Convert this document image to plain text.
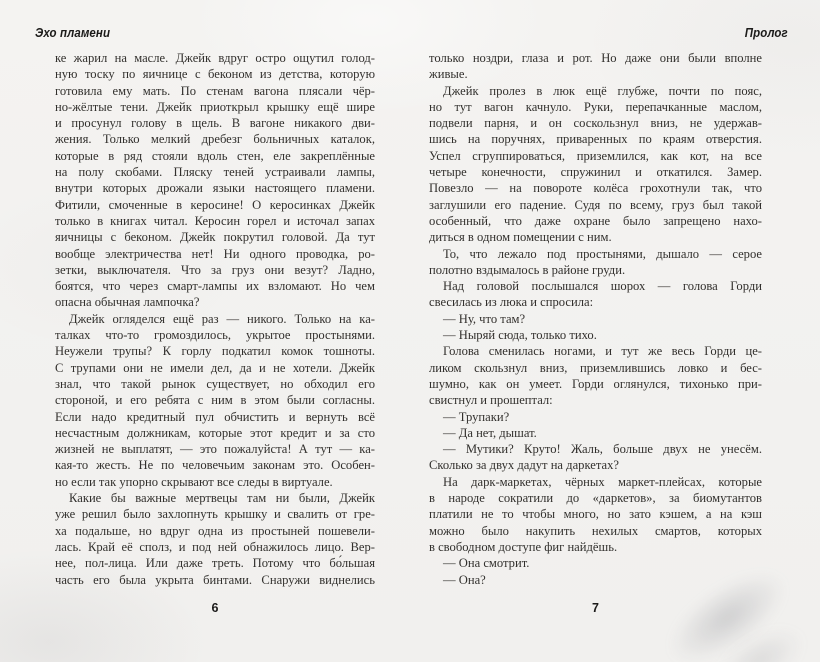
Эхо пламени
ке жарил на масле. Джейк вдруг остро ощутил голод-
ную тоску по яичнице с беконом из детства, которую
готовила ему мать. По стенам вагона плясали чёр-
но-жёлтые тени. Джейк приоткрыл крышку ещё шире
и просунул голову в щель. В вагоне никакого дви-
жения. Только мелкий дребезг больничных каталок,
которые в ряд стояли вдоль стен, еле закреплённые
на полу скобами. Пляску теней устраивали лампы,
внутри которых дрожали языки настоящего пламени.
Фитили, смоченные в керосине! О керосинках Джейк
только в книгах читал. Керосин горел и источал запах
яичницы с беконом. Джейк покрутил головой. Да тут
вообще электричества нет! Ни одного проводка, ро-
зетки, выключателя. Что за груз они везут? Ладно,
боятся, что через смарт-лампы их взломают. Но чем
опасна обычная лампочка?
Джейк огляделся ещё раз — никого. Только на ка-
талках что-то громоздилось, укрытое простынями.
Неужели трупы? К горлу подкатил комок тошноты.
С трупами они не имели дел, да и не хотели. Джейк
знал, что такой рынок существует, но обходил его
стороной, и его ребята с ним в этом были согласны.
Если надо кредитный пул обчистить и вернуть всё
несчастным должникам, которые этот кредит и за сто
жизней не выплатят, — это пожалуйста! А тут — ка-
кая-то жесть. Не по человечьим законам это. Особен-
но если так упорно скрывают все следы в виртуале.
Какие бы важные мертвецы там ни были, Джейк
уже решил было захлопнуть крышку и свалить от гре-
ха подальше, но вдруг одна из простыней пошевели-
лась. Край её сполз, и под ней обнажилось лицо. Вер-
нее, пол-лица. Или даже треть. Потому что бо́льшая
часть его была укрыта бинтами. Снаружи виднелись
6
Пролог
только ноздри, глаза и рот. Но даже они были вполне
живые.
Джейк пролез в люк ещё глубже, почти по пояс,
но тут вагон качнуло. Руки, перепачканные маслом,
подвели парня, и он соскользнул вниз, не удержав-
шись на поручнях, приваренных по краям отверстия.
Успел сгруппироваться, приземлился, как кот, на все
четыре конечности, спружинил и откатился. Замер.
Повезло — на повороте колёса грохотнули так, что
заглушили его падение. Судя по всему, груз был такой
особенный, что даже охране было запрещено нахо-
диться в одном помещении с ним.
То, что лежало под простынями, дышало — серое
полотно вздымалось в районе груди.
Над головой послышался шорох — голова Горди
свесилась из люка и спросила:
— Ну, что там?
— Ныряй сюда, только тихо.
Голова сменилась ногами, и тут же весь Горди це-
ликом скользнул вниз, приземлившись ловко и бес-
шумно, как он умеет. Горди оглянулся, тихонько при-
свистнул и прошептал:
— Трупаки?
— Да нет, дышат.
— Мутики? Круто! Жаль, больше двух не унесём.
Сколько за двух дадут на даркетах?
На дарк-маркетах, чёрных маркет-плейсах, которые
в народе сократили до «даркетов», за биомутантов
платили не то чтобы много, но зато кэшем, а на кэш
можно было накупить нехилых смартов, которых
в свободном доступе фиг найдёшь.
— Она смотрит.
— Она?
7
